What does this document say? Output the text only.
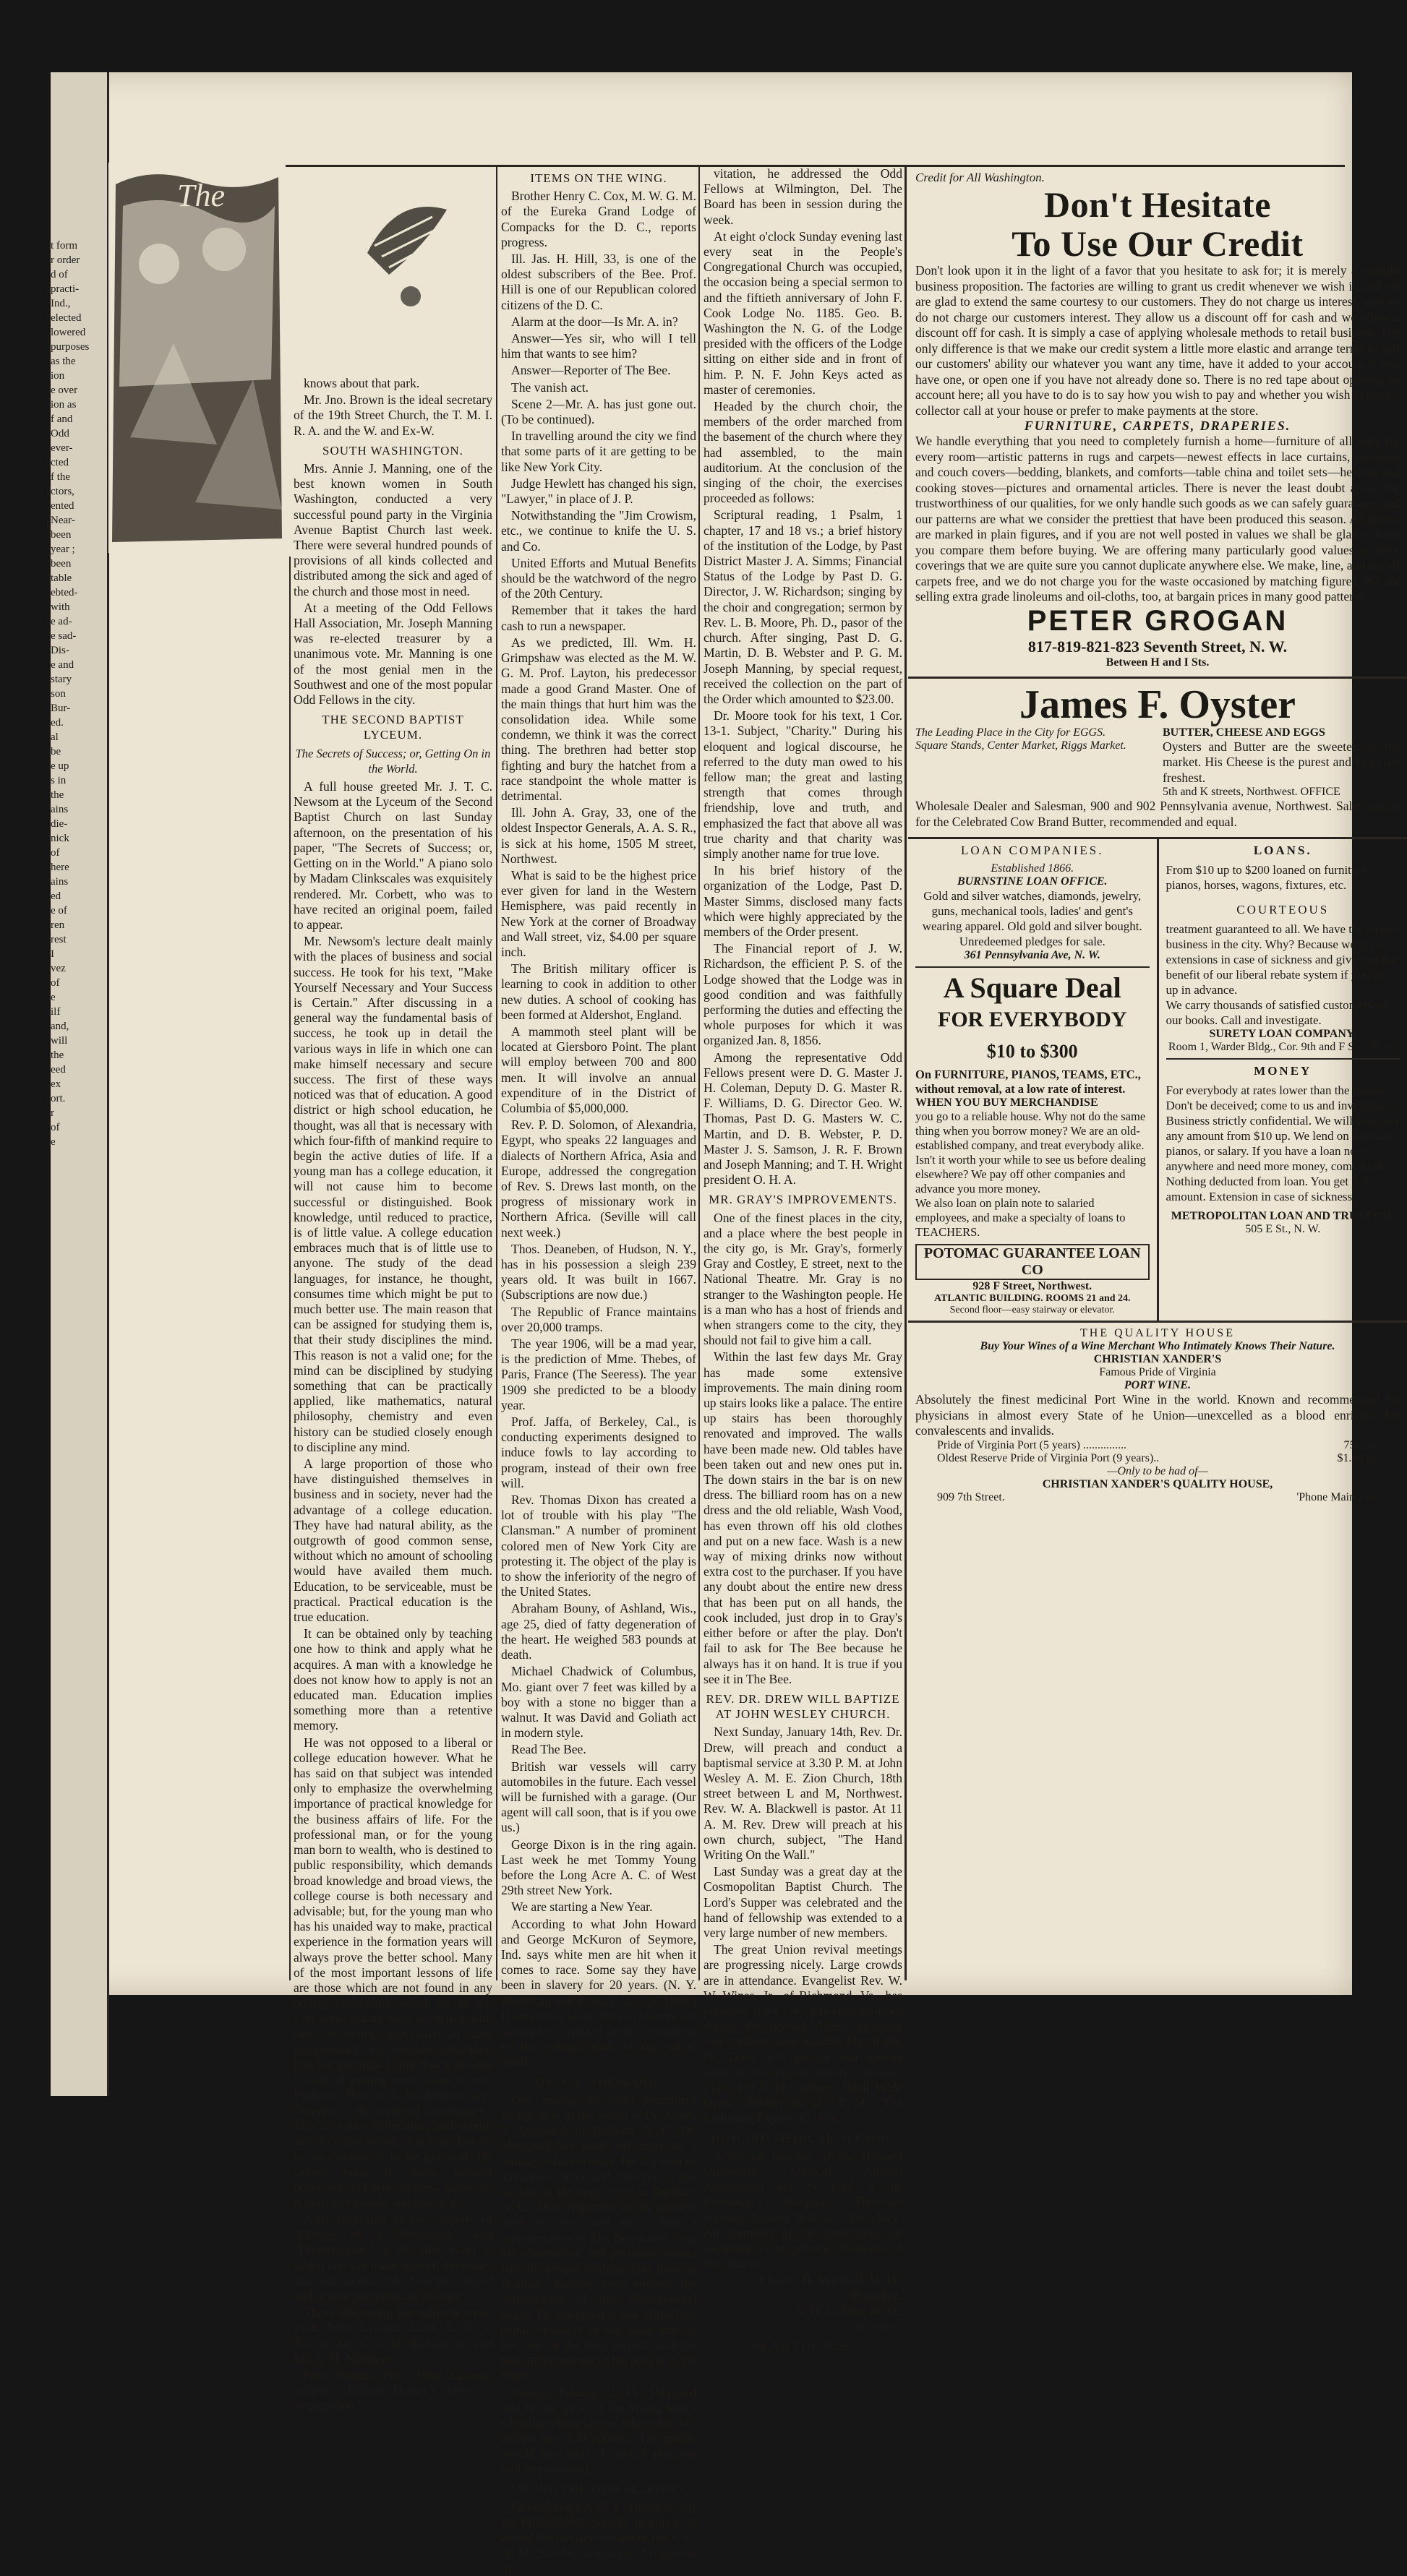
t form
r order
d of
practi-
Ind.,
elected
lowered
purposes
as the
ion
e over
ion as
f and
Odd
ever-
cted
f the
ctors,
ented
Near-
been
year ;
been
table
ebted-
with
e ad-
e sad-
Dis-
e and
stary
son
Bur-
ed.
al
be
e up
s in
the
ains
die-
nick
of
here
ains
ed
e of
ren
rest
I
vez
of
e
ilf
and,
will
the
eed
ex
ort.
r
of
e
The

knows about that park.

Mr. Jno. Brown is the ideal secretary of the 19th Street Church, the T. M. I. R. A. and the W. and Ex-W.

SOUTH WASHINGTON.

Mrs. Annie J. Manning, one of the best known women in South Washington, conducted a very successful pound party in the Virginia Avenue Baptist Church last week. There were several hundred pounds of provisions of all kinds collected and distributed among the sick and aged of the church and those most in need.

At a meeting of the Odd Fellows Hall Association, Mr. Joseph Manning was re-elected treasurer by a unanimous vote. Mr. Manning is one of the most genial men in the Southwest and one of the most popular Odd Fellows in the city.

THE SECOND BAPTIST LYCEUM.
The Secrets of Success; or, Getting On in the World.

A full house greeted Mr. J. T. C. Newsom at the Lyceum of the Second Baptist Church on last Sunday afternoon, on the presentation of his paper, "The Secrets of Success; or, Getting on in the World." A piano solo by Madam Clinkscales was exquisitely rendered. Mr. Corbett, who was to have recited an original poem, failed to appear.

Mr. Newsom's lecture dealt mainly with the places of business and social success. He took for his text, "Make Yourself Necessary and Your Success is Certain." After discussing in a general way the fundamental basis of success, he took up in detail the various ways in life in which one can make himself necessary and secure success. The first of these ways noticed was that of education. A good district or high school education, he thought, was all that is necessary with which four-fifth of mankind require to begin the active duties of life. If a young man has a college education, it will not cause him to become successful or distinguished. Book knowledge, until reduced to practice, is of little value. A college education embraces much that is of little use to anyone. The study of the dead languages, for instance, he thought, consumes time which might be put to much better use. The main reason that can be assigned for studying them is, that their study disciplines the mind. This reason is not a valid one; for the mind can be disciplined by studying something that can be practically applied, like mathematics, natural philosophy, chemistry and even history can be studied closely enough to discipline any mind.

A large proportion of those who have distinguished themselves in business and in society, never had the advantage of a college education. They have had natural ability, as the outgrowth of good common sense, without which no amount of schooling would have availed them much. Education, to be serviceable, must be practical. Practical education is the true education.

It can be obtained only by teaching one how to think and apply what he acquires. A man with a knowledge he does not know how to apply is not an educated man. Education implies something more than a retentive memory.

He was not opposed to a liberal or college education however. What he has said on that subject was intended only to emphasize the overwhelming importance of practical knowledge for the business affairs of life. For the professional man, or for the young man born to wealth, who is destined to public responsibility, which demands broad knowledge and broad views, the college course is both necessary and advisable; but, for the young man who has his unaided way to make, practical experience in the formation years will always prove the better school. Many of the most important lessons of life are those which are not found in any college curriculum, which he did not ever seen; among them are self-denial, early economy, application to duty, perseverance and absolute reliability. It is the practical in life that tells—the faculty of putting one's talent to use. Professor Booker T. Washington says "Service is the secret of sovereignty." This is a nice alliteration, and sound; and, to some extent, it is true. But, to be serviceable is to be practical. He cannot hope to make himself necessary and win success, unless he is both serviceable and practical.

After disposing of the subjects of "Choice of a Profession" and "Perseverance," as the other ways in which one can make himself necessary and win success, Mr. Newsom closed with a nice peroration as follows:

Those discussing the subjects were: Prof. Jesse Lawson, Lieut. R. E. S. Toomy, Dr. Geo. H. Richardson and Mr. A. H. Matthews.

Next Sunday, Prof. Jesse Lawson, subject: "Bishop Holsey's View of Segregation."

ITEMS ON THE WING.

Brother Henry C. Cox, M. W. G. M. of the Eureka Grand Lodge of Compacks for the D. C., reports progress.

Ill. Jas. H. Hill, 33, is one of the oldest subscribers of the Bee. Prof. Hill is one of our Republican colored citizens of the D. C.

Alarm at the door—Is Mr. A. in?

Answer—Yes sir, who will I tell him that wants to see him?

Answer—Reporter of The Bee.

The vanish act.

Scene 2—Mr. A. has just gone out. (To be continued).

In travelling around the city we find that some parts of it are getting to be like New York City.

Judge Hewlett has changed his sign, "Lawyer," in place of J. P.

Notwithstanding the "Jim Crowism, etc., we continue to knife the U. S. and Co.

United Efforts and Mutual Benefits should be the watchword of the negro of the 20th Century.

Remember that it takes the hard cash to run a newspaper.

As we predicted, Ill. Wm. H. Grimpshaw was elected as the M. W. G. M. Prof. Layton, his predecessor made a good Grand Master. One of the main things that hurt him was the consolidation idea. While some condemn, we think it was the correct thing. The brethren had better stop fighting and bury the hatchet from a race standpoint the whole matter is detrimental.

Ill. John A. Gray, 33, one of the oldest Inspector Generals, A. A. S. R., is sick at his home, 1505 M street, Northwest.

What is said to be the highest price ever given for land in the Western Hemisphere, was paid recently in New York at the corner of Broadway and Wall street, viz, $4.00 per square inch.

The British military officer is learning to cook in addition to other new duties. A school of cooking has been formed at Aldershot, England.

A mammoth steel plant will be located at Giersboro Point. The plant will employ between 700 and 800 men. It will involve an annual expenditure of in the District of Columbia of $5,000,000.

Rev. P. D. Solomon, of Alexandria, Egypt, who speaks 22 languages and dialects of Northern Africa, Asia and Europe, addressed the congregation of Rev. S. Drews last month, on the progress of missionary work in Northern Africa. (Seville will call next week.)

Thos. Deaneben, of Hudson, N. Y., has in his possession a sleigh 239 years old. It was built in 1667. (Subscriptions are now due.)

The Republic of France maintains over 20,000 tramps.

The year 1906, will be a mad year, is the prediction of Mme. Thebes, of Paris, France (The Seeress). The year 1909 she predicted to be a bloody year.

Prof. Jaffa, of Berkeley, Cal., is conducting experiments designed to induce fowls to lay according to program, instead of their own free will.

Rev. Thomas Dixon has created a lot of trouble with his play "The Clansman." A number of prominent colored men of New York City are protesting it. The object of the play is to show the inferiority of the negro of the United States.

Abraham Bouny, of Ashland, Wis., age 25, died of fatty degeneration of the heart. He weighed 583 pounds at death.

Michael Chadwick of Columbus, Mo. giant over 7 feet was killed by a boy with a stone no bigger than a walnut. It was David and Goliath act in modern style.

Read The Bee.

British war vessels will carry automobiles in the future. Each vessel will be furnished with a garage. (Our agent will call soon, that is if you owe us.)

George Dixon is in the ring again. Last week he met Tommy Young before the Long Acre A. C. of West 29th street New York.

We are starting a New Year.

According to what John Howard and George McKuron of Seymore, Ind. says white men are hit when it comes to race. Some say they have been in slavery for 20 years. (N. Y. American and Journal Jan. 24, 1906.) If they hold white men in slavery we cannot be surprised at their treatment of the colored man in the sunny South.

DR. J. E. SHEPPARD.

One among the most prominent young men in the South is Dr. James T. Sheppard, of Durham, N. C. Dr. Sheppard has made his mark as a Sunday school worker. He is a man of advanced views and believes in the welfare of the negro race. In Durham, N. C., he is respected by the greatest men in town and more than a representative of The Bee states, from his observation and personal contact with the people while passing through Durham, nothing goes without the endorsement of this distinguished negro. Dr. Sheppard is one of the best stump speakers in the State and he has one of the best records and the best endorsements of his people in the State.

Sunday, January 21, Dr. Sheppard will be the guest of the Young Men's Christian Association, where he will deliver the 3:30 address. The public should hear him. A special program will be presented.

AMONG THE ODD FELLOWS.

Grand Director, W. L. Houston, left for Philadelphia Sunday morning, to attend the January session of the S. C. of M. Sunday afternoon, by special in-

vitation, he addressed the Odd Fellows at Wilmington, Del. The Board has been in session during the week.

At eight o'clock Sunday evening last every seat in the People's Congregational Church was occupied, the occasion being a special sermon to and the fiftieth anniversary of John F. Cook Lodge No. 1185. Geo. B. Washington the N. G. of the Lodge presided with the officers of the Lodge sitting on either side and in front of him. P. N. F. John Keys acted as master of ceremonies.

Headed by the church choir, the members of the order marched from the basement of the church where they had assembled, to the main auditorium. At the conclusion of the singing of the choir, the exercises proceeded as follows:

Scriptural reading, 1 Psalm, 1 chapter, 17 and 18 vs.; a brief history of the institution of the Lodge, by Past District Master J. A. Simms; Financial Status of the Lodge by Past D. G. Director, J. W. Richardson; singing by the choir and congregation; sermon by Rev. L. B. Moore, Ph. D., pasor of the church. After singing, Past D. G. Martin, D. B. Webster and P. G. M. Joseph Manning, by special request, received the collection on the part of the Order which amounted to $23.00.

Dr. Moore took for his text, 1 Cor. 13-1. Subject, "Charity." During his eloquent and logical discourse, he referred to the duty man owed to his fellow man; the great and lasting strength that comes through friendship, love and truth, and emphasized the fact that above all was true charity and that charity was simply another name for true love.

In his brief history of the organization of the Lodge, Past D. Master Simms, disclosed many facts which were highly appreciated by the members of the Order present.

The Financial report of J. W. Richardson, the efficient P. S. of the Lodge showed that the Lodge was in good condition and was faithfully performing the duties and effecting the whole purposes for which it was organized Jan. 8, 1856.

Among the representative Odd Fellows present were D. G. Master J. H. Coleman, Deputy D. G. Master R. F. Williams, D. G. Director Geo. W. Thomas, Past D. G. Masters W. C. Martin, and D. B. Webster, P. D. Master J. S. Samson, J. R. F. Brown and Joseph Manning; and T. H. Wright president O. H. A.

MR. GRAY'S IMPROVEMENTS.

One of the finest places in the city, and a place where the best people in the city go, is Mr. Gray's, formerly Gray and Costley, E street, next to the National Theatre. Mr. Gray is no stranger to the Washington people. He is a man who has a host of friends and when strangers come to the city, they should not fail to give him a call.

Within the last few days Mr. Gray has made some extensive improvements. The main dining room up stairs looks like a palace. The entire up stairs has been thoroughly renovated and improved. The walls have been made new. Old tables have been taken out and new ones put in. The down stairs in the bar is on new dress. The billiard room has on a new dress and the old reliable, Wash Vood, has even thrown off his old clothes and put on a new face. Wash is a new way of mixing drinks now without extra cost to the purchaser. If you have any doubt about the entire new dress that has been put on all hands, the cook included, just drop in to Gray's either before or after the play. Don't fail to ask for The Bee because he always has it on hand. It is true if you see it in The Bee.

REV. DR. DREW WILL BAPTIZE AT JOHN WESLEY CHURCH.

Next Sunday, January 14th, Rev. Dr. Drew, will preach and conduct a baptismal service at 3.30 P. M. at John Wesley A. M. E. Zion Church, 18th street between L and M, Northwest. Rev. W. A. Blackwell is pastor. At 11 A. M. Rev. Drew will preach at his own church, subject, "The Hand Writing On the Wall."

Last Sunday was a great day at the Cosmopolitan Baptist Church. The Lord's Supper was celebrated and the hand of fellowship was extended to a very large number of new members.

The great Union revival meetings are progressing nicely. Large crowds are in attendance. Evangelist Rev. W. W. Wines, Jr., of Richmond, Va., has preached some very powerful sermons during the revival. These meetings will continue until Sunday, March 4th. Dr. Drew will preach two special sermons by request Sunday, January 21st, at 8 P. M., subject, "Hell Wide Open"; January 28, at 8 P. M., "The Lightning Express to Hell."

HOWARD MEDICAL ALUMNI.

A special meeting of the Howard University Medical Alumni Association will be held at the Freedman's Hospital, Thursday evening, January 18th, at 7.30 o'clock. All members of the association are requested to be present. Business of importance.

Charles H. Marshall, M. D.,
President.
A. H. Collins, M. D.,
Secretary.
READ THE BEE.
Credit for All Washington.
Don't Hesitate
To Use Our Credit

Don't look upon it in the light of a favor that you hesitate to ask for; it is merely a straight business proposition. The factories are willing to grant us credit whenever we wish it, and we are glad to extend the same courtesy to our customers. They do not charge us interest, and we do not charge our customers interest. They allow us a discount off for cash and we allow a discount off for cash. It is simply a case of applying wholesale methods to retail business. The only difference is that we make our credit system a little more elastic and arrange terms to suit our customers' ability our whatever you want any time, have it added to your account if you have one, or open one if you have not already done so. There is no red tape about opening an account here; all you have to do is to say how you wish to pay and whether you wish to have a collector call at your house or prefer to make payments at the store.

FURNITURE, CARPETS, DRAPERIES.

We handle everything that you need to completely furnish a home—furniture of all sorts for every room—artistic patterns in rugs and carpets—newest effects in lace curtains, portieres and couch covers—bedding, blankets, and comforts—table china and toilet sets—heating and cooking stoves—pictures and ornamental articles. There is never the least doubt about the trustworthiness of our qualities, for we only handle such goods as we can safely guarantee, and our patterns are what we consider the prettiest that have been produced this season. All prices are marked in plain figures, and if you are not well posted in values we shall be glad to have you compare them before buying. We are offering many particularly good values in floor coverings that we are quite sure you cannot duplicate anywhere else. We make, line, and lay all carpets free, and we do not charge you for the waste occasioned by matching figures. We are selling extra grade linoleums and oil-cloths, too, at bargain prices in many good patterns.

PETER GROGAN
817-819-821-823 Seventh Street, N. W.
Between H and I Sts.
James F. Oyster
The Leading Place in the City for EGGS.
Square Stands, Center Market, Riggs Market.
BUTTER, CHEESE AND EGGS

Oysters and Butter are the sweetest in the market. His Cheese is the purest and Eggs the freshest.

5th and K streets, Northwest. OFFICE

Wholesale Dealer and Salesman, 900 and 902 Pennsylvania avenue, Northwest. Sales agents for the Celebrated Cow Brand Butter, recommended and equal.

LOAN COMPANIES.
Established 1866.
BURNSTINE LOAN OFFICE.

Gold and silver watches, diamonds, jewelry, guns, mechanical tools, ladies' and gent's wearing apparel. Old gold and silver bought. Unredeemed pledges for sale.

361 Pennsylvania Ave, N. W.
A Square Deal
FOR EVERYBODY
$10 to $300

On FURNITURE, PIANOS, TEAMS, ETC., without removal, at a low rate of interest.

WHEN YOU BUY MERCHANDISE

you go to a reliable house. Why not do the same thing when you borrow money? We are an old-established company, and treat everybody alike. Isn't it worth your while to see us before dealing elsewhere? We pay off other companies and advance you more money.

We also loan on plain note to salaried employees, and make a specialty of loans to TEACHERS.

POTOMAC GUARANTEE LOAN CO
928 F Street, Northwest.
ATLANTIC BUILDING. ROOMS 21 and 24.
Second floor—easy stairway or elevator.
LOANS.

From $10 up to $200 loaned on furniture, pianos, horses, wagons, fixtures, etc.

COURTEOUS

treatment guaranteed to all. We have the largest business in the city. Why? Because we grant extensions in case of sickness and give you the benefit of our liberal rebate system if you pay up in advance.

We carry thousands of satisfied customers on our books. Call and investigate.

SURETY LOAN COMPANY,
Room 1, Warder Bldg., Cor. 9th and F Sts., N. W.
MONEY

For everybody at rates lower than the lowest. Don't be deceived; come to us and investigate. Business strictly confidential. We will loan you any amount from $10 up. We lend on furniture, pianos, or salary. If you have a loan now anywhere and need more money, come to us. Nothing deducted from loan. You get full amount. Extension in case of sickness.

METROPOLITAN LOAN AND TRUST CO.
505 E St., N. W.
THE QUALITY HOUSE
Buy Your Wines of a Wine Merchant Who Intimately Knows Their Nature.
CHRISTIAN XANDER'S
Famous Pride of Virginia
PORT WINE.

Absolutely the finest medicinal Port Wine in the world. Known and recommended by physicians in almost every State of he Union—unexcelled as a blood enricher for convalescents and invalids.

Pride of Virginia Port (5 years) ...............	75c. qt.
Oldest Reserve Pride of Virginia Port (9 years)..	$1.00 qt.
—Only to be had of—
CHRISTIAN XANDER'S QUALITY HOUSE,
909 7th Street.	'Phone Main 274.
